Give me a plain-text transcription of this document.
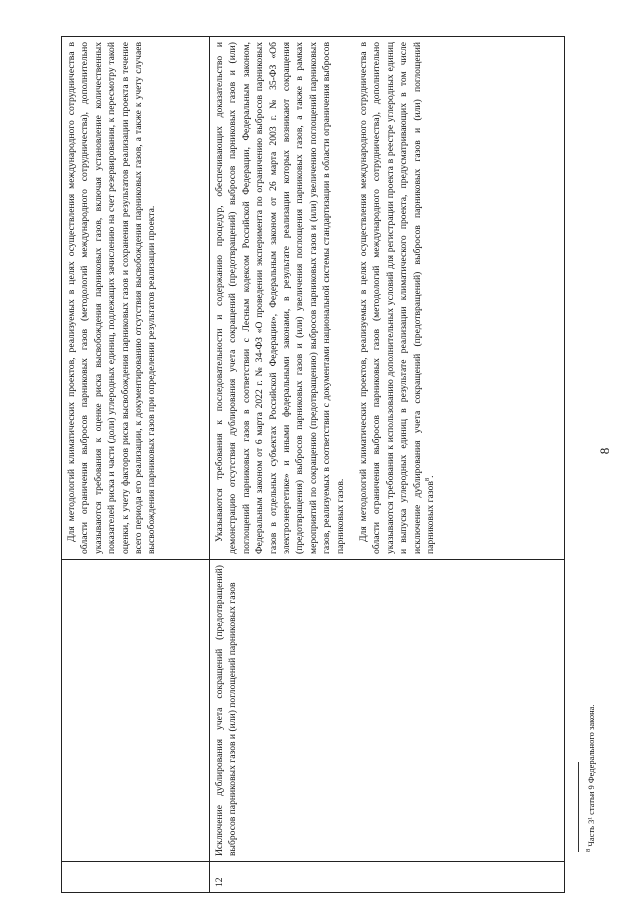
8

		Для методологий климатических проектов, реализуемых в целях осуществления международного сотрудничества в области ограничения выбросов парниковых газов (методологий международного сотрудничества), дополнительно указываются требования к оценке риска высвобождения парниковых газов, включая установление количественных показателей риска и части (доли) углеродных единиц, подлежащих зачислению на счет резервирования, к пересмотру такой оценки, к учету факторов риска высвобождения парниковых газов и сохранения результатов реализации проекта в течение всего периода его реализации, к документированию отсутствия высвобождения парниковых газов, а также к учету случаев высвобождения парниковых газов при определении результатов реализации проекта.

12	Исключение дублирования учета сокращений (предотвращений) выбросов парниковых газов и (или) поглощений парниковых газов	Указываются требования к последовательности и содержанию процедур, обеспечивающих доказательство и демонстрацию отсутствия дублирования учета сокращений (предотвращений) выбросов парниковых газов и (или) поглощений парниковых газов в соответствии с Лесным кодексом Российской Федерации, Федеральным законом, Федеральным законом от 6 марта 2022 г. № 34-ФЗ «О проведении эксперимента по ограничению выбросов парниковых газов в отдельных субъектах Российской Федерации», Федеральным законом от 26 марта 2003 г. № 35-ФЗ «Об электроэнергетике» и иными федеральными законами, в результате реализации которых возникают сокращения (предотвращения) выбросов парниковых газов и (или) увеличения поглощения парниковых газов, а также в рамках мероприятий по сокращению (предотвращению) выбросов парниковых газов и (или) увеличению поглощений парниковых газов, реализуемых в соответствии с документами национальной системы стандартизации в области ограничения выбросов парниковых газов. Для методологий климатических проектов, реализуемых в целях осуществления международного сотрудничества в области ограничения выбросов парниковых газов (методологий международного сотрудничества), дополнительно указываются требования к использованию дополнительных условий для регистрации проекта в реестре углеродных единиц и выпуска углеродных единиц в результате реализации климатического проекта, предусматривающих в том числе исключение дублирования учета сокращений (предотвращений) выбросов парниковых газов и (или) поглощений парниковых газов$^8$.

$^8$ Часть 3¹ статьи 9 Федерального закона.
